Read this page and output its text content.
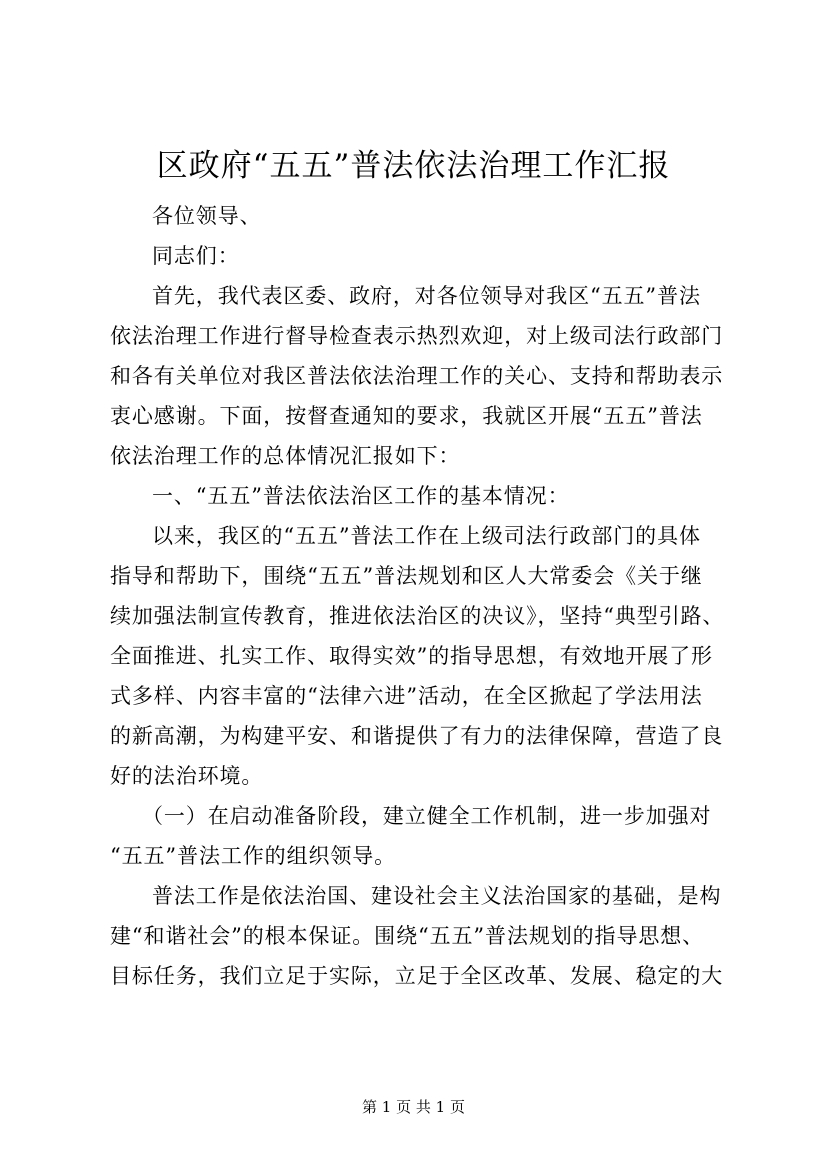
区政府“五五”普法依法治理工作汇报
各位领导、
同志们：
首先，我代表区委、政府，对各位领导对我区“五五”普法
依法治理工作进行督导检查表示热烈欢迎，对上级司法行政部门
和各有关单位对我区普法依法治理工作的关心、支持和帮助表示
衷心感谢。下面，按督查通知的要求，我就区开展“五五”普法
依法治理工作的总体情况汇报如下：
一、“五五”普法依法治区工作的基本情况：
以来，我区的“五五”普法工作在上级司法行政部门的具体
指导和帮助下，围绕“五五”普法规划和区人大常委会《关于继
续加强法制宣传教育，推进依法治区的决议》，坚持“典型引路、
全面推进、扎实工作、取得实效”的指导思想，有效地开展了形
式多样、内容丰富的“法律六进”活动，在全区掀起了学法用法
的新高潮，为构建平安、和谐提供了有力的法律保障，营造了良
好的法治环境。
（一）在启动准备阶段，建立健全工作机制，进一步加强对
“五五”普法工作的组织领导。
普法工作是依法治国、建设社会主义法治国家的基础，是构
建“和谐社会”的根本保证。围绕“五五”普法规划的指导思想、
目标任务，我们立足于实际，立足于全区改革、发展、稳定的大
第 1 页 共 1 页
